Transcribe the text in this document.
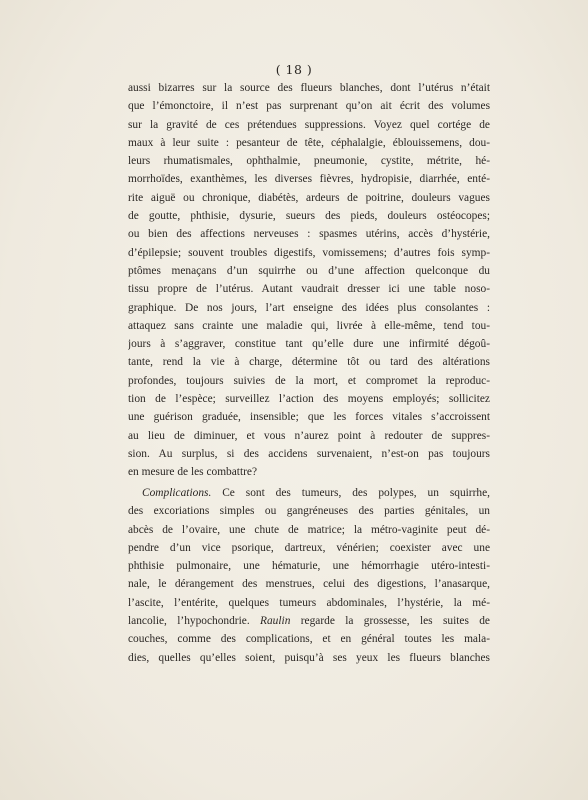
( 18 )
aussi bizarres sur la source des flueurs blanches, dont l’utérus n’était
que l’émonctoire, il n’est pas surprenant qu’on ait écrit des volumes
sur la gravité de ces prétendues suppressions. Voyez quel cortége de
maux à leur suite : pesanteur de tête, céphalalgie, éblouissemens, dou-
leurs rhumatismales, ophthalmie, pneumonie, cystite, métrite, hé-
morrhoïdes, exanthèmes, les diverses fièvres, hydropisie, diarrhée, enté-
rite aiguë ou chronique, diabétès, ardeurs de poitrine, douleurs vagues
de goutte, phthisie, dysurie, sueurs des pieds, douleurs ostéocopes;
ou bien des affections nerveuses : spasmes utérins, accès d’hystérie,
d’épilepsie; souvent troubles digestifs, vomissemens; d’autres fois symp-
ptômes menaçans d’un squirrhe ou d’une affection quelconque du
tissu propre de l’utérus. Autant vaudrait dresser ici une table noso-
graphique. De nos jours, l’art enseigne des idées plus consolantes :
attaquez sans crainte une maladie qui, livrée à elle-même, tend tou-
jours à s’aggraver, constitue tant qu’elle dure une infirmité dégoû-
tante, rend la vie à charge, détermine tôt ou tard des altérations
profondes, toujours suivies de la mort, et compromet la reproduc-
tion de l’espèce; surveillez l’action des moyens employés; sollicitez
une guérison graduée, insensible; que les forces vitales s’accroissent
au lieu de diminuer, et vous n’aurez point à redouter de suppres-
sion. Au surplus, si des accidens survenaient, n’est-on pas toujours
en mesure de les combattre?
Complications. Ce sont des tumeurs, des polypes, un squirrhe,
des excoriations simples ou gangréneuses des parties génitales, un
abcès de l’ovaire, une chute de matrice; la métro-vaginite peut dé-
pendre d’un vice psorique, dartreux, vénérien; coexister avec une
phthisie pulmonaire, une hématurie, une hémorrhagie utéro-intesti-
nale, le dérangement des menstrues, celui des digestions, l’anasarque,
l’ascite, l’entérite, quelques tumeurs abdominales, l’hystérie, la mé-
lancolie, l’hypochondrie. Raulin regarde la grossesse, les suites de
couches, comme des complications, et en général toutes les mala-
dies, quelles qu’elles soient, puisqu’à ses yeux les flueurs blanches
